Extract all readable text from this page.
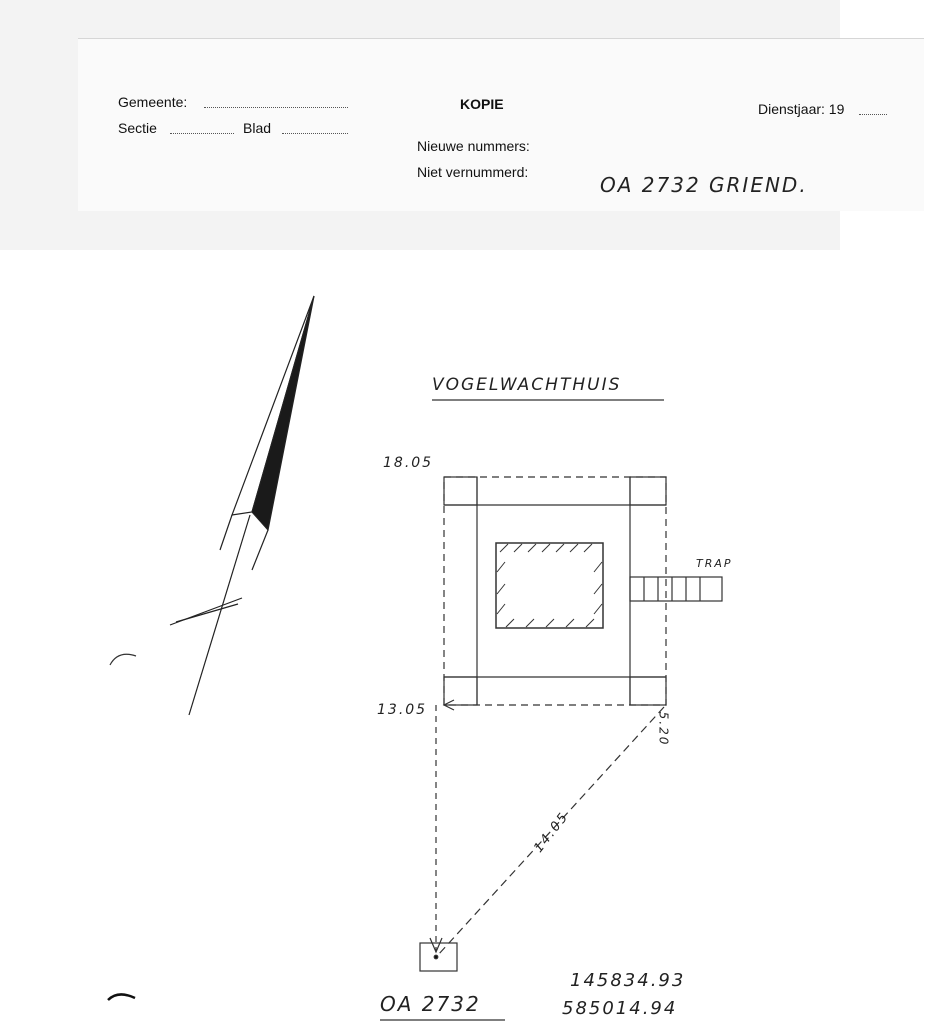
Gemeente:
Sectie	Blad
KOPIE	Dienstjaar: 19
Nieuwe nummers:
Niet vernummerd:
OA 2732 GRIEND.
VOGELWACHTHUIS
18.05
13.05
5.20
14.05
TRAP
OA 2732
145834.93
585014.94
